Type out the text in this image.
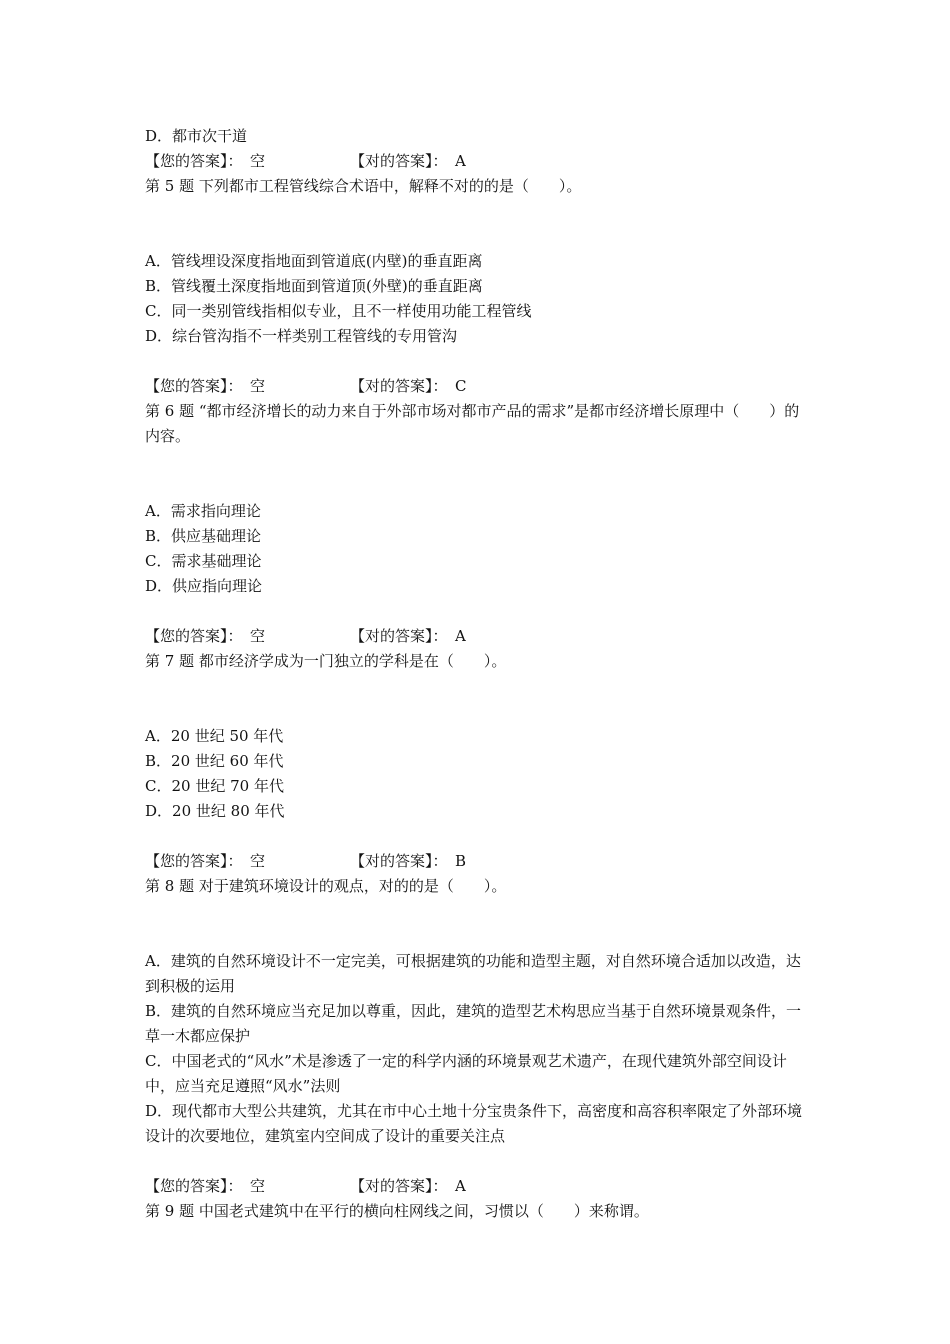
D．都市次干道
【您的答案】：　空	【对的答案】：　A
第 5 题 下列都市工程管线综合术语中，解释不对的的是（　　）。
A．管线埋设深度指地面到管道底(内壁)的垂直距离
B．管线覆土深度指地面到管道顶(外壁)的垂直距离
C．同一类别管线指相似专业，且不一样使用功能工程管线
D．综台管沟指不一样类别工程管线的专用管沟
【您的答案】：　空	【对的答案】：　C
第 6 题 “都市经济增长的动力来自于外部市场对都市产品的需求”是都市经济增长原理中（　　）的内容。
A．需求指向理论
B．供应基础理论
C．需求基础理论
D．供应指向理论
【您的答案】：　空	【对的答案】：　A
第 7 题 都市经济学成为一门独立的学科是在（　　）。
A．20 世纪 50 年代
B．20 世纪 60 年代
C．20 世纪 70 年代
D．20 世纪 80 年代
【您的答案】：　空	【对的答案】：　B
第 8 题 对于建筑环境设计的观点，对的的是（　　）。
A．建筑的自然环境设计不一定完美，可根据建筑的功能和造型主题，对自然环境合适加以改造，达到积极的运用
B．建筑的自然环境应当充足加以尊重，因此，建筑的造型艺术构思应当基于自然环境景观条件，一草一木都应保护
C．中国老式的“风水”术是渗透了一定的科学内涵的环境景观艺术遗产，在现代建筑外部空间设计中，应当充足遵照“风水”法则
D．现代都市大型公共建筑，尤其在市中心土地十分宝贵条件下，高密度和高容积率限定了外部环境设计的次要地位，建筑室内空间成了设计的重要关注点
【您的答案】：　空	【对的答案】：　A
第 9 题 中国老式建筑中在平行的横向柱网线之间，习惯以（　　）来称谓。
